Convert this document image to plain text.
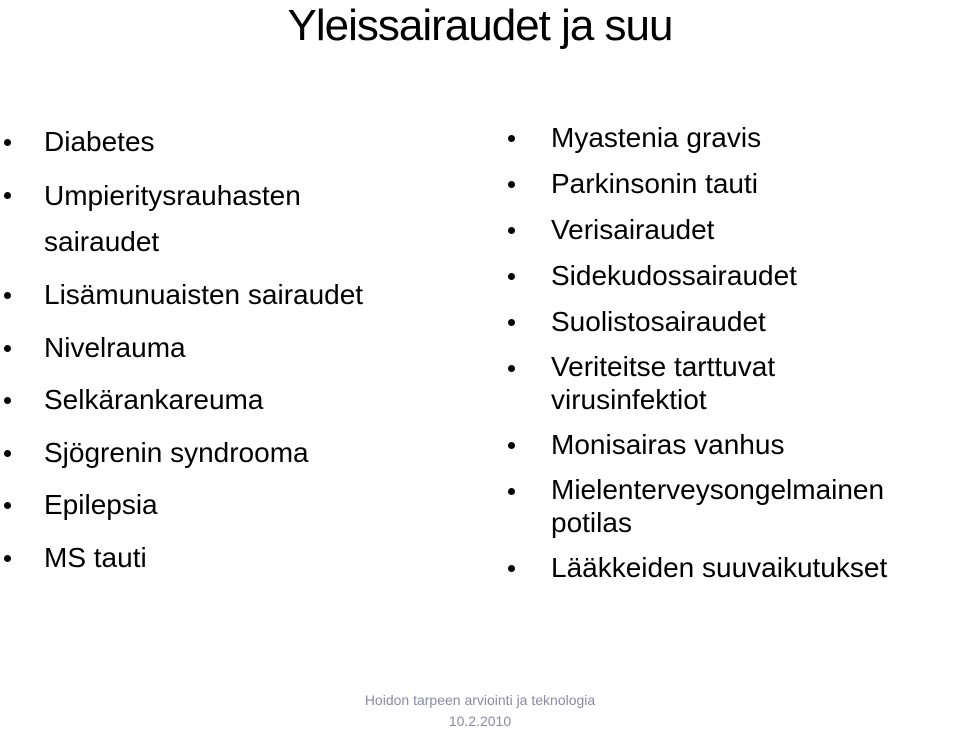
Yleissairaudet ja suu
Diabetes
Umpieritysrauhasten
sairaudet
Lisämunuaisten sairaudet
Nivelrauma
Selkärankareuma
Sjögrenin syndrooma
Epilepsia
MS tauti
Myastenia gravis
Parkinsonin tauti
Verisairaudet
Sidekudossairaudet
Suolistosairaudet
Veriteitse tarttuvat
virusinfektiot
Monisairas vanhus
Mielenterveysongelmainen
potilas
Lääkkeiden suuvaikutukset
Hoidon tarpeen arviointi ja teknologia
10.2.2010
